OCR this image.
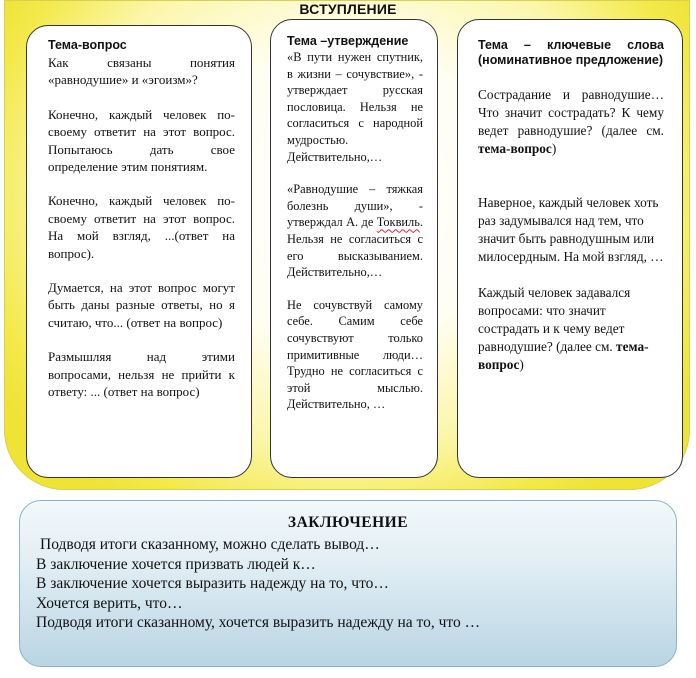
ВСТУПЛЕНИЕ

Тема-вопрос

Как связаны понятия «равнодушие» и «эгоизм»?

Конечно, каждый человек по-своему ответит на этот вопрос. Попытаюсь дать свое определение этим понятиям.

Конечно, каждый человек по-своему ответит на этот вопрос. На мой взгляд, ...(ответ на вопрос).

Думается, на этот вопрос могут быть даны разные ответы, но я считаю, что... (ответ на вопрос)

Размышляя над этими вопросами, нельзя не прийти к ответу: ... (ответ на вопрос)

Тема –утверждение

«В пути нужен спутник, в жизни – сочувствие», - утверждает русская пословица. Нельзя не согласиться с народной мудростью. Действительно,…

«Равнодушие – тяжкая болезнь души», - утверждал А. де Токвиль. Нельзя не согласиться с его высказыванием. Действительно,…

Не сочувствуй самому себе. Самим себе сочувствуют только примитивные люди… Трудно не согласиться с этой мыслью. Действительно, …

Тема – ключевые слова (номинативное предложение)

Сострадание и равнодушие… Что значит сострадать? К чему ведет равнодушие? (далее см. тема-вопрос)

Наверное, каждый человек хоть раз задумывался над тем, что значит быть равнодушным или милосердным. На мой взгляд, …

Каждый человек задавался вопросами: что значит сострадать и к чему ведет равнодушие? (далее см. тема-вопрос)

ЗАКЛЮЧЕНИЕ
Подводя итоги сказанному, можно сделать вывод…
В заключение хочется призвать людей к…
В заключение хочется выразить надежду на то, что…
Хочется верить, что…
Подводя итоги сказанному, хочется выразить надежду на то, что …
